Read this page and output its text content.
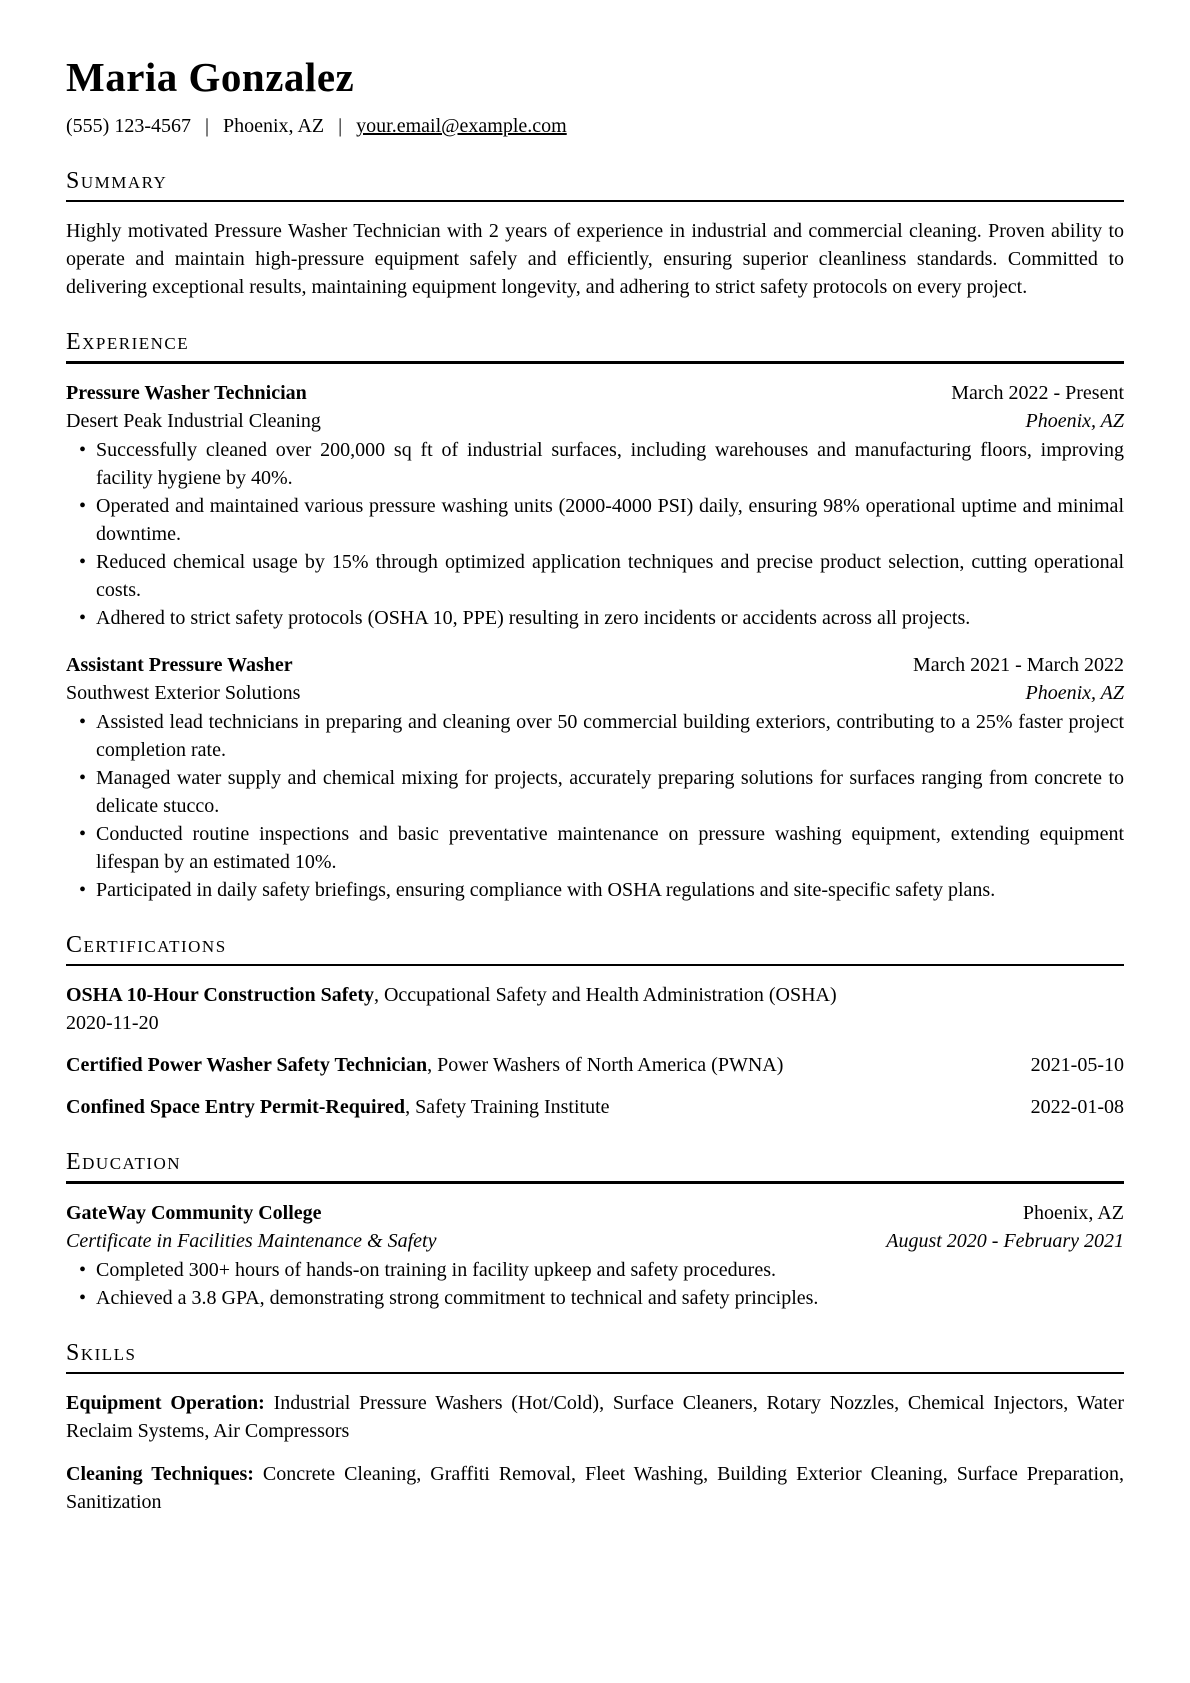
Maria Gonzalez
(555) 123-4567 | Phoenix, AZ | your.email@example.com
Summary

Highly motivated Pressure Washer Technician with 2 years of experience in industrial and commercial cleaning. Proven ability to operate and maintain high-pressure equipment safely and efficiently, ensuring superior cleanliness standards. Committed to delivering exceptional results, maintaining equipment longevity, and adhering to strict safety protocols on every project.

Experience
Pressure Washer Technician	March 2022 - Present
Desert Peak Industrial Cleaning	Phoenix, AZ
• Successfully cleaned over 200,000 sq ft of industrial surfaces, including warehouses and manufacturing floors, improving facility hygiene by 40%.
• Operated and maintained various pressure washing units (2000-4000 PSI) daily, ensuring 98% operational uptime and minimal downtime.
• Reduced chemical usage by 15% through optimized application techniques and precise product selection, cutting operational costs.
• Adhered to strict safety protocols (OSHA 10, PPE) resulting in zero incidents or accidents across all projects.
Assistant Pressure Washer	March 2021 - March 2022
Southwest Exterior Solutions	Phoenix, AZ
• Assisted lead technicians in preparing and cleaning over 50 commercial building exteriors, contributing to a 25% faster project completion rate.
• Managed water supply and chemical mixing for projects, accurately preparing solutions for surfaces ranging from concrete to delicate stucco.
• Conducted routine inspections and basic preventative maintenance on pressure washing equipment, extending equipment lifespan by an estimated 10%.
• Participated in daily safety briefings, ensuring compliance with OSHA regulations and site-specific safety plans.
Certifications
OSHA 10-Hour Construction Safety, Occupational Safety and Health Administration (OSHA)
2020-11-20
Certified Power Washer Safety Technician, Power Washers of North America (PWNA)	2021-05-10
Confined Space Entry Permit-Required, Safety Training Institute	2022-01-08
Education
GateWay Community College	Phoenix, AZ
Certificate in Facilities Maintenance & Safety	August 2020 - February 2021
• Completed 300+ hours of hands-on training in facility upkeep and safety procedures.
• Achieved a 3.8 GPA, demonstrating strong commitment to technical and safety principles.
Skills

Equipment Operation: Industrial Pressure Washers (Hot/Cold), Surface Cleaners, Rotary Nozzles, Chemical Injectors, Water Reclaim Systems, Air Compressors

Cleaning Techniques: Concrete Cleaning, Graffiti Removal, Fleet Washing, Building Exterior Cleaning, Surface Preparation, Sanitization
